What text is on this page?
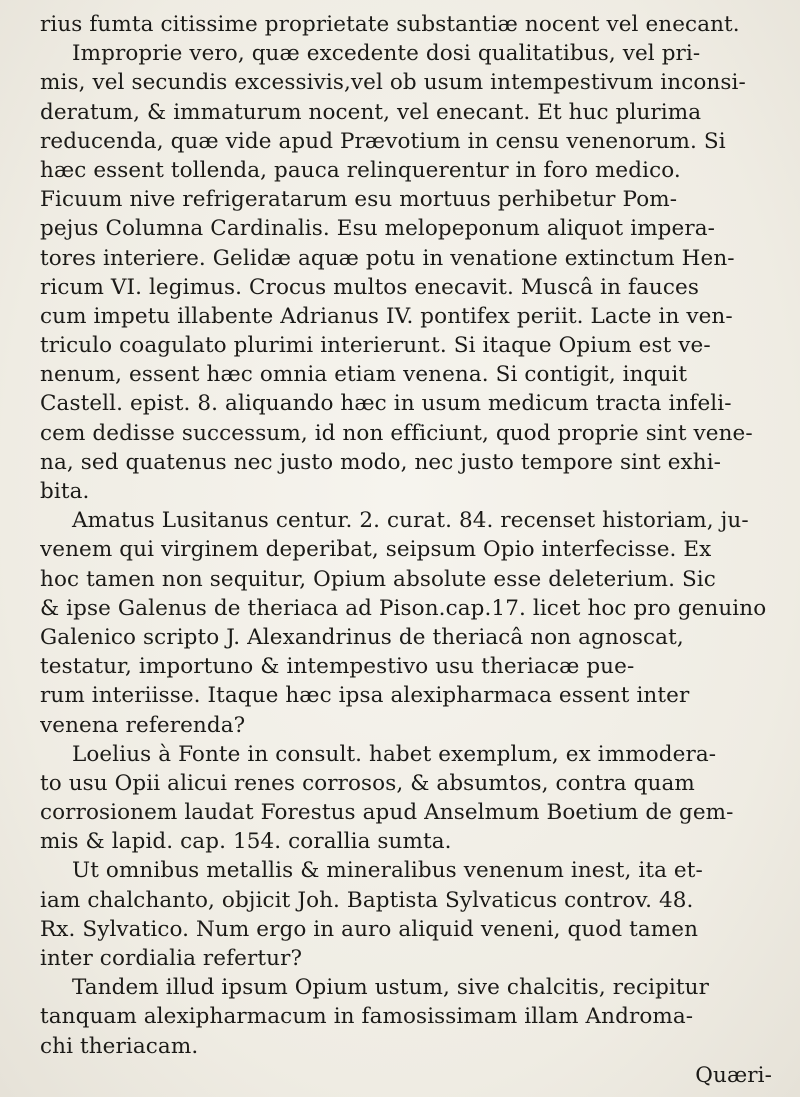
rius fumta citissime proprietate substantiæ nocent vel enecant.
Improprie vero, quæ excedente dosi qualitatibus, vel pri-
mis, vel secundis excessivis,vel ob usum intempestivum inconsi-
deratum, & immaturum nocent, vel enecant. Et huc plurima
reducenda, quæ vide apud Prævotium in censu venenorum. Si
hæc essent tollenda, pauca relinquerentur in foro medico.
Ficuum nive refrigeratarum esu mortuus perhibetur Pom-
pejus Columna Cardinalis. Esu melopeponum aliquot impera-
tores interiere. Gelidæ aquæ potu in venatione extinctum Hen-
ricum VI. legimus. Crocus multos enecavit. Muscâ in fauces
cum impetu illabente Adrianus IV. pontifex periit. Lacte in ven-
triculo coagulato plurimi interierunt. Si itaque Opium est ve-
nenum, essent hæc omnia etiam venena. Si contigit, inquit
Castell. epist. 8. aliquando hæc in usum medicum tracta infeli-
cem dedisse successum, id non efficiunt, quod proprie sint vene-
na, sed quatenus nec justo modo, nec justo tempore sint exhi-
bita.
Amatus Lusitanus centur. 2. curat. 84. recenset historiam, ju-
venem qui virginem deperibat, seipsum Opio interfecisse. Ex
hoc tamen non sequitur, Opium absolute esse deleterium. Sic
& ipse Galenus de theriaca ad Pison.cap.17. licet hoc pro genuino
Galenico scripto J. Alexandrinus de theriacâ non agnoscat,
testatur, importuno & intempestivo usu theriacæ pue-
rum interiisse. Itaque hæc ipsa alexipharmaca essent inter
venena referenda?
Loelius à Fonte in consult. habet exemplum, ex immodera-
to usu Opii alicui renes corrosos, & absumtos, contra quam
corrosionem laudat Forestus apud Anselmum Boetium de gem-
mis & lapid. cap. 154. corallia sumta.
Ut omnibus metallis & mineralibus venenum inest, ita et-
iam chalchanto, objicit Joh. Baptista Sylvaticus controv. 48.
Rx. Sylvatico. Num ergo in auro aliquid veneni, quod tamen
inter cordialia refertur?
Tandem illud ipsum Opium ustum, sive chalcitis, recipitur
tanquam alexipharmacum in famosissimam illam Androma-
chi theriacam.
Quæri-
